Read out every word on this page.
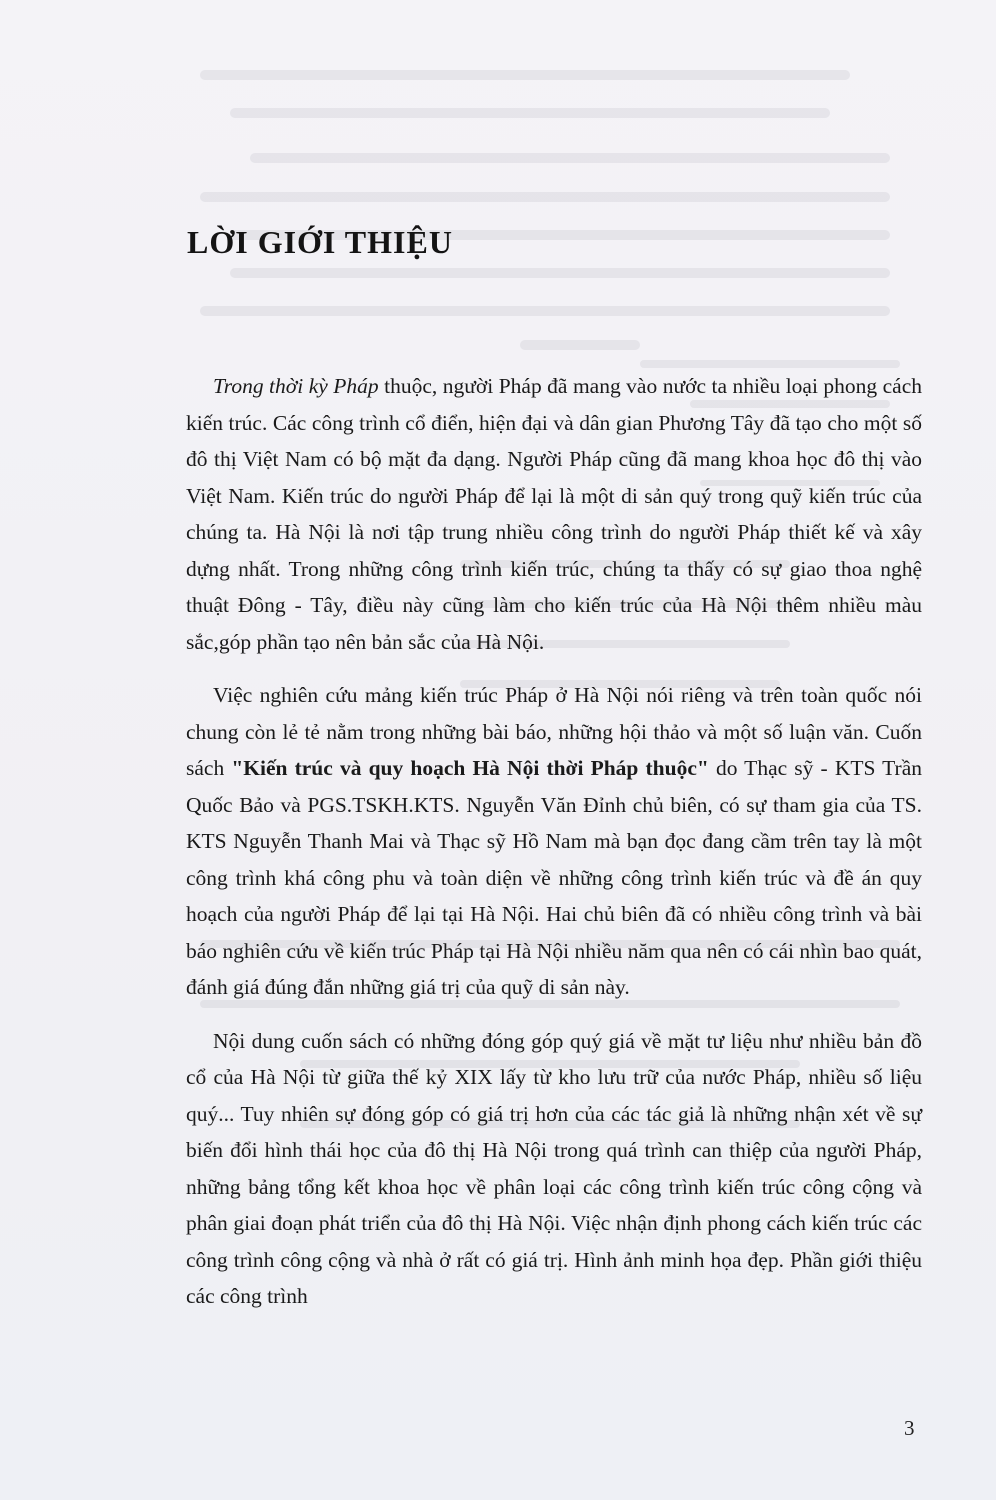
LỜI GIỚI THIỆU

Trong thời kỳ Pháp thuộc, người Pháp đã mang vào nước ta nhiều loại phong cách kiến trúc. Các công trình cổ điển, hiện đại và dân gian Phương Tây đã tạo cho một số đô thị Việt Nam có bộ mặt đa dạng. Người Pháp cũng đã mang khoa học đô thị vào Việt Nam. Kiến trúc do người Pháp để lại là một di sản quý trong quỹ kiến trúc của chúng ta. Hà Nội là nơi tập trung nhiều công trình do người Pháp thiết kế và xây dựng nhất. Trong những công trình kiến trúc, chúng ta thấy có sự giao thoa nghệ thuật Đông - Tây, điều này cũng làm cho kiến trúc của Hà Nội thêm nhiều màu sắc,góp phần tạo nên bản sắc của Hà Nội.

Việc nghiên cứu mảng kiến trúc Pháp ở Hà Nội nói riêng và trên toàn quốc nói chung còn lẻ tẻ nằm trong những bài báo, những hội thảo và một số luận văn. Cuốn sách "Kiến trúc và quy hoạch Hà Nội thời Pháp thuộc" do Thạc sỹ - KTS Trần Quốc Bảo và PGS.TSKH.KTS. Nguyễn Văn Đỉnh chủ biên, có sự tham gia của TS. KTS Nguyễn Thanh Mai và Thạc sỹ Hồ Nam mà bạn đọc đang cầm trên tay là một công trình khá công phu và toàn diện về những công trình kiến trúc và đề án quy hoạch của người Pháp để lại tại Hà Nội. Hai chủ biên đã có nhiều công trình và bài báo nghiên cứu về kiến trúc Pháp tại Hà Nội nhiều năm qua nên có cái nhìn bao quát, đánh giá đúng đắn những giá trị của quỹ di sản này.

Nội dung cuốn sách có những đóng góp quý giá về mặt tư liệu như nhiều bản đồ cổ của Hà Nội từ giữa thế kỷ XIX lấy từ kho lưu trữ của nước Pháp, nhiều số liệu quý... Tuy nhiên sự đóng góp có giá trị hơn của các tác giả là những nhận xét về sự biến đổi hình thái học của đô thị Hà Nội trong quá trình can thiệp của người Pháp, những bảng tổng kết khoa học về phân loại các công trình kiến trúc công cộng và phân giai đoạn phát triển của đô thị Hà Nội. Việc nhận định phong cách kiến trúc các công trình công cộng và nhà ở rất có giá trị. Hình ảnh minh họa đẹp. Phần giới thiệu các công trình

3
